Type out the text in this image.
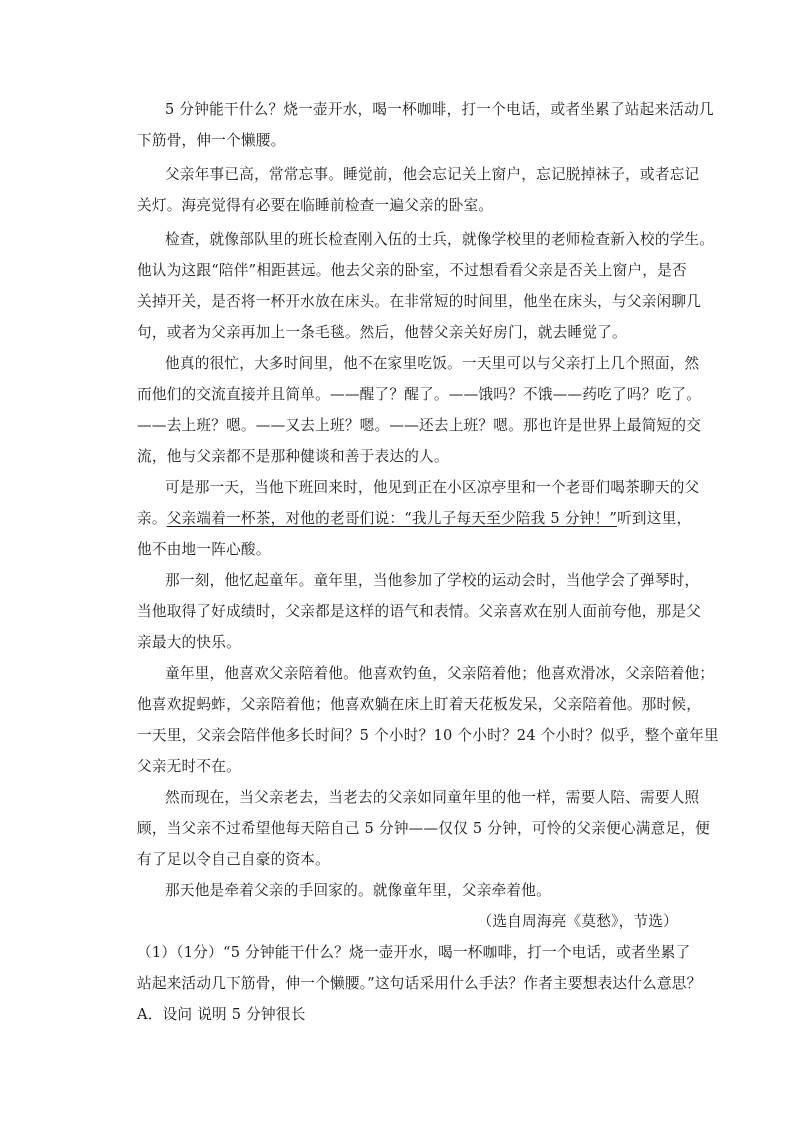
5 分钟能干什么？烧一壶开水，喝一杯咖啡，打一个电话，或者坐累了站起来活动几
下筋骨，伸一个懒腰。
父亲年事已高，常常忘事。睡觉前，他会忘记关上窗户，忘记脱掉袜子，或者忘记
关灯。海亮觉得有必要在临睡前检查一遍父亲的卧室。
检查，就像部队里的班长检查刚入伍的士兵，就像学校里的老师检查新入校的学生。
他认为这跟“陪伴”相距甚远。他去父亲的卧室，不过想看看父亲是否关上窗户，是否
关掉开关，是否将一杯开水放在床头。在非常短的时间里，他坐在床头，与父亲闲聊几
句，或者为父亲再加上一条毛毯。然后，他替父亲关好房门，就去睡觉了。
他真的很忙，大多时间里，他不在家里吃饭。一天里可以与父亲打上几个照面，然
而他们的交流直接并且简单。——醒了？醒了。——饿吗？不饿——药吃了吗？吃了。
——去上班？嗯。——又去上班？嗯。——还去上班？嗯。那也许是世界上最简短的交
流，他与父亲都不是那种健谈和善于表达的人。
可是那一天，当他下班回来时，他见到正在小区凉亭里和一个老哥们喝茶聊天的父
亲。父亲端着一杯茶，对他的老哥们说：“我儿子每天至少陪我 5 分钟！”听到这里，
他不由地一阵心酸。
那一刻，他忆起童年。童年里，当他参加了学校的运动会时，当他学会了弹琴时，
当他取得了好成绩时，父亲都是这样的语气和表情。父亲喜欢在别人面前夸他，那是父
亲最大的快乐。
童年里，他喜欢父亲陪着他。他喜欢钓鱼，父亲陪着他；他喜欢滑冰，父亲陪着他；
他喜欢捉蚂蚱，父亲陪着他；他喜欢躺在床上盯着天花板发呆，父亲陪着他。那时候，
一天里，父亲会陪伴他多长时间？5 个小时？10 个小时？24 个小时？似乎，整个童年里
父亲无时不在。
然而现在，当父亲老去，当老去的父亲如同童年里的他一样，需要人陪、需要人照
顾，当父亲不过希望他每天陪自己 5 分钟——仅仅 5 分钟，可怜的父亲便心满意足，便
有了足以令自己自豪的资本。
那天他是牵着父亲的手回家的。就像童年里，父亲牵着他。
（选自周海亮《莫愁》，节选）
（1）（1分）“5 分钟能干什么？烧一壶开水，喝一杯咖啡，打一个电话，或者坐累了
站起来活动几下筋骨，伸一个懒腰。”这句话采用什么手法？作者主要想表达什么意思？
A．设问 说明 5 分钟很长
